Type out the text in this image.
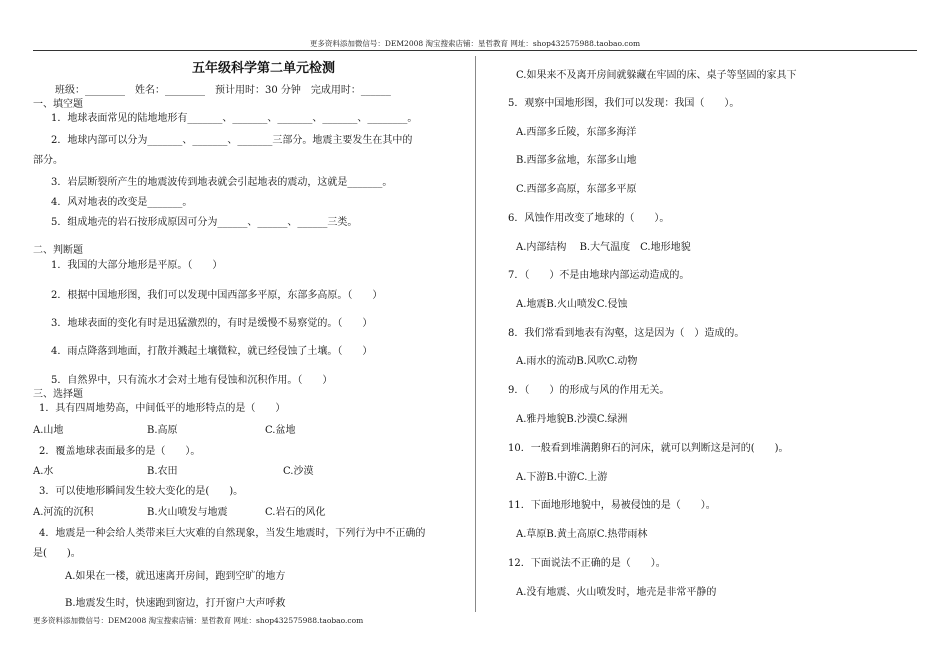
更多资料添加微信号：DEM2008 淘宝搜索店铺：星哲教育 网址：shop432575988.taobao.com
五年级科学第二单元检测
班级：________　姓名：________　预计用时：30 分钟　完成用时：______
一、填空题
1．地球表面常见的陆地地形有_______、_______、_______、_______、________。
2．地球内部可以分为_______、_______、_______三部分。地震主要发生在其中的
部分。
3．岩层断裂所产生的地震波传到地表就会引起地表的震动，这就是_______。
4．风对地表的改变是_______。
5．组成地壳的岩石按形成原因可分为______、______、______三类。
二、判断题
1．我国的大部分地形是平原。（　　）
2．根据中国地形图，我们可以发现中国西部多平原，东部多高原。（　　）
3．地球表面的变化有时是迅猛激烈的，有时是缓慢不易察觉的。（　　）
4．雨点降落到地面，打散并溅起土壤微粒，就已经侵蚀了土壤。（　　）
5．自然界中，只有流水才会对土地有侵蚀和沉积作用。（　　）
三、选择题
1．具有四周地势高，中间低平的地形特点的是（　　）
A.山地	B.高原	C.盆地
2．覆盖地球表面最多的是（　　）。
A.水	B.农田	C.沙漠
3．可以使地形瞬间发生较大变化的是(　　)。
A.河流的沉积	B.火山喷发与地震	C.岩石的风化
4．地震是一种会给人类带来巨大灾难的自然现象，当发生地震时，下列行为中不正确的
是(　　)。
A.如果在一楼，就迅速离开房间，跑到空旷的地方
B.地震发生时，快速跑到窗边，打开窗户大声呼救
C.如果来不及离开房间就躲藏在牢固的床、桌子等坚固的家具下
5．观察中国地形图，我们可以发现：我国（　　）。
A.西部多丘陵，东部多海洋
B.西部多盆地，东部多山地
C.西部多高原，东部多平原
6．风蚀作用改变了地球的（　　）。
A.内部结构　 B.大气温度　C.地形地貌
7．（　　）不是由地球内部运动造成的。
A.地震B.火山喷发C.侵蚀
8．我们常看到地表有沟壑，这是因为（　）造成的。
A.雨水的流动B.风吹C.动物
9．（　　）的形成与风的作用无关。
A.雅丹地貌B.沙漠C.绿洲
10．一般看到堆满鹅卵石的河床，就可以判断这是河的(　　)。
A.下游B.中游C.上游
11．下面地形地貌中，易被侵蚀的是（　　）。
A.草原B.黄土高原C.热带雨林
12．下面说法不正确的是（　　）。
A.没有地震、火山喷发时，地壳是非常平静的
更多资料添加微信号：DEM2008 淘宝搜索店铺：星哲教育 网址：shop432575988.taobao.com
